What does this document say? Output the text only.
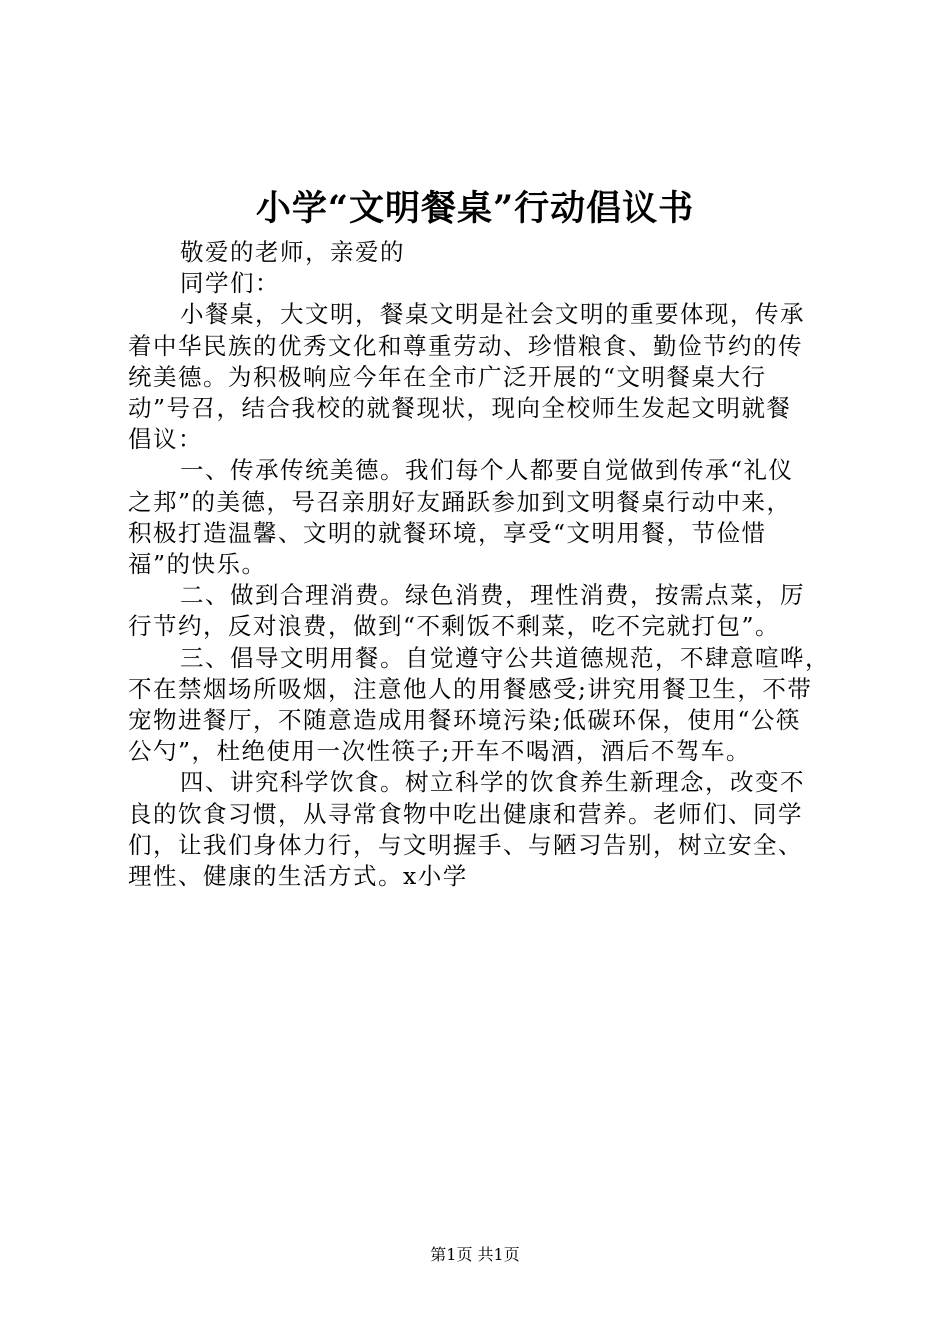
小学“文明餐桌”行动倡议书
敬爱的老师，亲爱的
同学们：
小餐桌，大文明，餐桌文明是社会文明的重要体现，传承
着中华民族的优秀文化和尊重劳动、珍惜粮食、勤俭节约的传
统美德。为积极响应今年在全市广泛开展的“文明餐桌大行
动”号召，结合我校的就餐现状，现向全校师生发起文明就餐
倡议：
一、传承传统美德。我们每个人都要自觉做到传承“礼仪
之邦”的美德，号召亲朋好友踊跃参加到文明餐桌行动中来，
积极打造温馨、文明的就餐环境，享受“文明用餐，节俭惜
福”的快乐。
二、做到合理消费。绿色消费，理性消费，按需点菜，厉
行节约，反对浪费，做到“不剩饭不剩菜，吃不完就打包”。
三、倡导文明用餐。自觉遵守公共道德规范，不肆意喧哗，
不在禁烟场所吸烟，注意他人的用餐感受;讲究用餐卫生，不带
宠物进餐厅，不随意造成用餐环境污染;低碳环保，使用“公筷
公勺”，杜绝使用一次性筷子;开车不喝酒，酒后不驾车。
四、讲究科学饮食。树立科学的饮食养生新理念，改变不
良的饮食习惯，从寻常食物中吃出健康和营养。老师们、同学
们，让我们身体力行，与文明握手、与陋习告别，树立安全、
理性、健康的生活方式。x小学
第1页 共1页
